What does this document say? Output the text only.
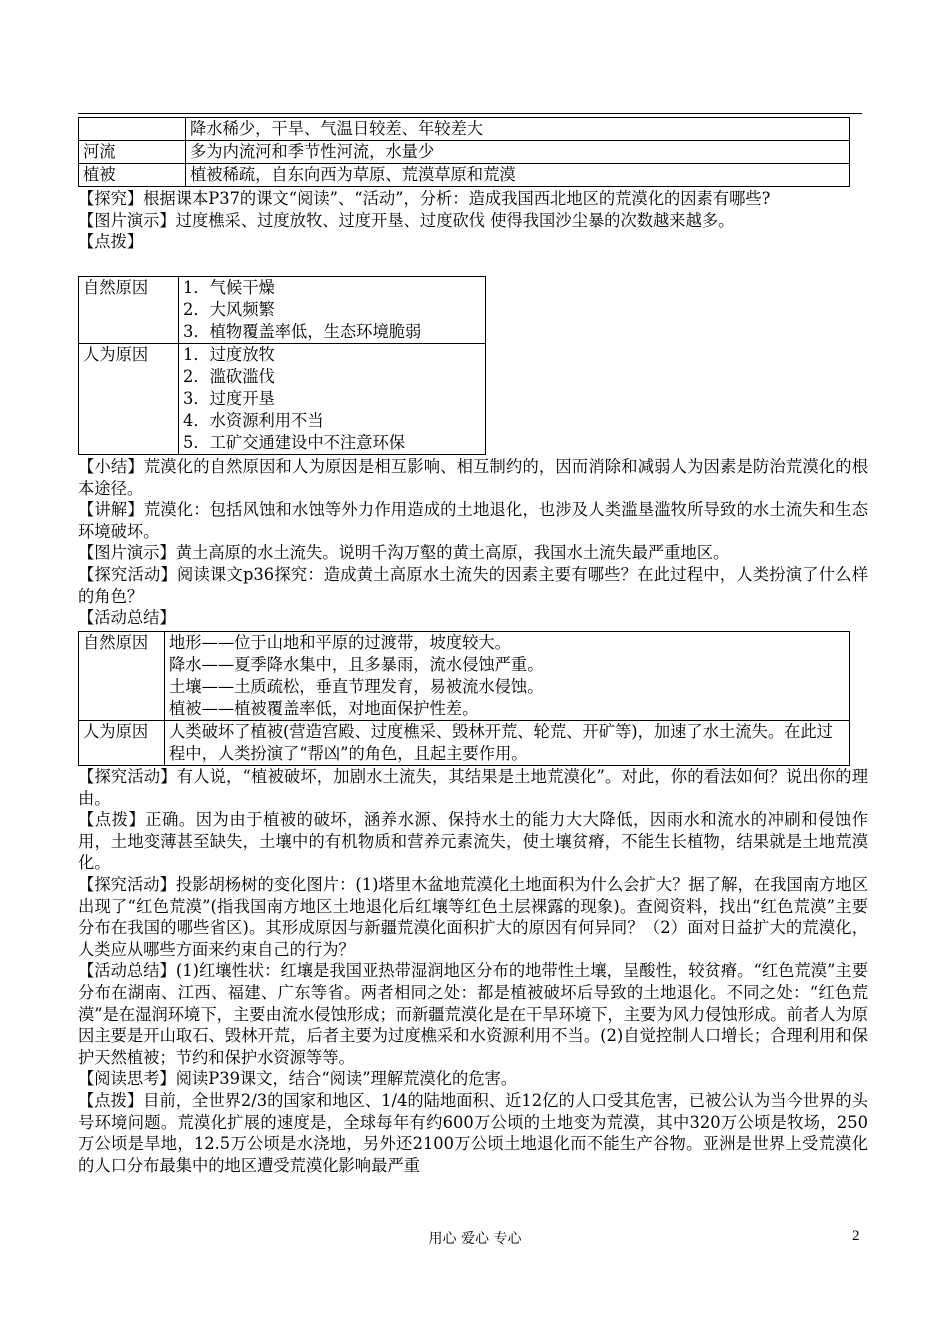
	降水稀少，干旱、气温日较差、年较差大
河流	多为内流河和季节性河流，水量少
植被	植被稀疏，自东向西为草原、荒漠草原和荒漠

【探究】根据课本P37的课文“阅读”、“活动”，分析：造成我国西北地区的荒漠化的因素有哪些?

【图片演示】过度樵采、过度放牧、过度开垦、过度砍伐 使得我国沙尘暴的次数越来越多。

【点拨】

自然原因	1．气候干燥
2．大风频繁
3．植物覆盖率低，生态环境脆弱

人为原因	1．过度放牧
2．滥砍滥伐
3．过度开垦
4．水资源利用不当
5．工矿交通建设中不注意环保

【小结】荒漠化的自然原因和人为原因是相互影响、相互制约的，因而消除和减弱人为因素是防治荒漠化的根本途径。

【讲解】荒漠化：包括风蚀和水蚀等外力作用造成的土地退化，也涉及人类滥垦滥牧所导致的水土流失和生态环境破坏。

【图片演示】黄土高原的水土流失。说明千沟万壑的黄土高原，我国水土流失最严重地区。

【探究活动】阅读课文p36探究：造成黄土高原水土流失的因素主要有哪些？在此过程中，人类扮演了什么样的角色？

【活动总结】

自然原因	地形——位于山地和平原的过渡带，坡度较大。
降水——夏季降水集中，且多暴雨，流水侵蚀严重。
土壤——土质疏松，垂直节理发育，易被流水侵蚀。
植被——植被覆盖率低，对地面保护性差。

人为原因	人类破坏了植被(营造宫殿、过度樵采、毁林开荒、轮荒、开矿等)，加速了水土流失。在此过程中，人类扮演了“帮凶”的角色，且起主要作用。

【探究活动】有人说，“植被破坏，加剧水土流失，其结果是土地荒漠化”。对此，你的看法如何？说出你的理由。

【点拨】正确。因为由于植被的破坏，涵养水源、保持水土的能力大大降低，因雨水和流水的冲刷和侵蚀作用，土地变薄甚至缺失，土壤中的有机物质和营养元素流失，使土壤贫瘠，不能生长植物，结果就是土地荒漠化。

【探究活动】投影胡杨树的变化图片：(1)塔里木盆地荒漠化土地面积为什么会扩大？据了解，在我国南方地区出现了“红色荒漠”(指我国南方地区土地退化后红壤等红色土层裸露的现象)。查阅资料，找出“红色荒漠”主要分布在我国的哪些省区)。其形成原因与新疆荒漠化面积扩大的原因有何异同？（2）面对日益扩大的荒漠化，人类应从哪些方面来约束自己的行为？

【活动总结】(1)红壤性状：红壤是我国亚热带湿润地区分布的地带性土壤，呈酸性，较贫瘠。“红色荒漠”主要分布在湖南、江西、福建、广东等省。两者相同之处：都是植被破坏后导致的土地退化。不同之处：“红色荒漠”是在湿润环境下，主要由流水侵蚀形成；而新疆荒漠化是在干旱环境下，主要为风力侵蚀形成。前者人为原因主要是开山取石、毁林开荒，后者主要为过度樵采和水资源利用不当。(2)自觉控制人口增长；合理利用和保护天然植被；节约和保护水资源等等。

【阅读思考】阅读P39课文，结合“阅读”理解荒漠化的危害。

【点拨】目前，全世界2/3的国家和地区、1/4的陆地面积、近12亿的人口受其危害，已被公认为当今世界的头号环境问题。荒漠化扩展的速度是，全球每年有约600万公顷的土地变为荒漠，其中320万公顷是牧场，250万公顷是旱地，12.5万公顷是水浇地，另外还2100万公顷土地退化而不能生产谷物。亚洲是世界上受荒漠化的人口分布最集中的地区遭受荒漠化影响最严重

用心 爱心 专心	2
